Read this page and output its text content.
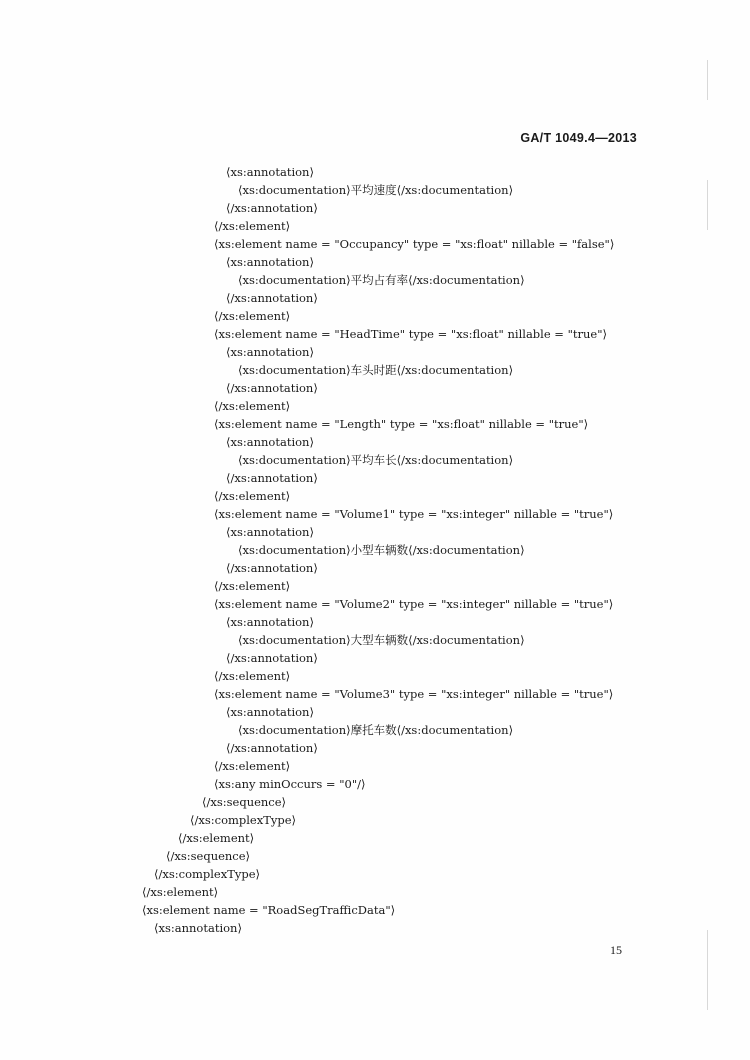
GA/T 1049.4—2013
⟨xs:annotation⟩
⟨xs:documentation⟩平均速度⟨/xs:documentation⟩
⟨/xs:annotation⟩
⟨/xs:element⟩
⟨xs:element name = "Occupancy" type = "xs:float" nillable = "false"⟩
⟨xs:annotation⟩
⟨xs:documentation⟩平均占有率⟨/xs:documentation⟩
⟨/xs:annotation⟩
⟨/xs:element⟩
⟨xs:element name = "HeadTime" type = "xs:float" nillable = "true"⟩
⟨xs:annotation⟩
⟨xs:documentation⟩车头时距⟨/xs:documentation⟩
⟨/xs:annotation⟩
⟨/xs:element⟩
⟨xs:element name = "Length" type = "xs:float" nillable = "true"⟩
⟨xs:annotation⟩
⟨xs:documentation⟩平均车长⟨/xs:documentation⟩
⟨/xs:annotation⟩
⟨/xs:element⟩
⟨xs:element name = "Volume1" type = "xs:integer" nillable = "true"⟩
⟨xs:annotation⟩
⟨xs:documentation⟩小型车辆数⟨/xs:documentation⟩
⟨/xs:annotation⟩
⟨/xs:element⟩
⟨xs:element name = "Volume2" type = "xs:integer" nillable = "true"⟩
⟨xs:annotation⟩
⟨xs:documentation⟩大型车辆数⟨/xs:documentation⟩
⟨/xs:annotation⟩
⟨/xs:element⟩
⟨xs:element name = "Volume3" type = "xs:integer" nillable = "true"⟩
⟨xs:annotation⟩
⟨xs:documentation⟩摩托车数⟨/xs:documentation⟩
⟨/xs:annotation⟩
⟨/xs:element⟩
⟨xs:any minOccurs = "0"/⟩
⟨/xs:sequence⟩
⟨/xs:complexType⟩
⟨/xs:element⟩
⟨/xs:sequence⟩
⟨/xs:complexType⟩
⟨/xs:element⟩
⟨xs:element name = "RoadSegTrafficData"⟩
⟨xs:annotation⟩
15
